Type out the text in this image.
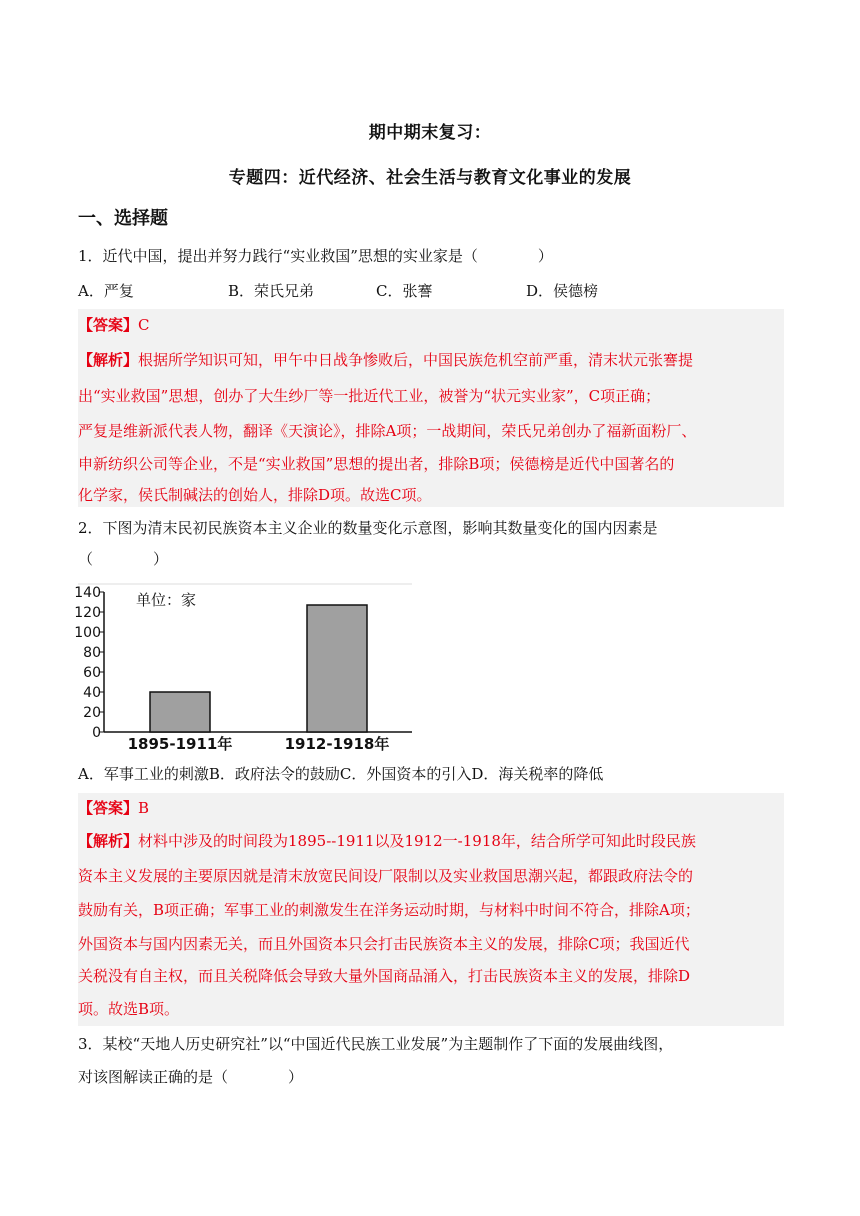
期中期末复习：
专题四：近代经济、社会生活与教育文化事业的发展
一、选择题
1．近代中国，提出并努力践行“实业救国”思想的实业家是（　　　　）
A．严复	B．荣氏兄弟	C．张謇	D．侯德榜
【答案】C
【解析】根据所学知识可知，甲午中日战争惨败后，中国民族危机空前严重，清末状元张謇提
出“实业救国”思想，创办了大生纱厂等一批近代工业，被誉为“状元实业家”，C项正确；
严复是维新派代表人物，翻译《天演论》，排除A项；一战期间，荣氏兄弟创办了福新面粉厂、
申新纺织公司等企业，不是“实业救国”思想的提出者，排除B项；侯德榜是近代中国著名的
化学家，侯氏制碱法的创始人，排除D项。故选C项。
2．下图为清末民初民族资本主义企业的数量变化示意图，影响其数量变化的国内因素是
（　　　　）
0
20
40
60
80
100
120
140
1895-1911年	1912-1918年
单位：家
A．军事工业的刺激B．政府法令的鼓励C．外国资本的引入D．海关税率的降低
【答案】B
【解析】材料中涉及的时间段为1895--1911以及1912一-1918年，结合所学可知此时段民族
资本主义发展的主要原因就是清末放宽民间设厂限制以及实业救国思潮兴起，都跟政府法令的
鼓励有关，B项正确；军事工业的刺激发生在洋务运动时期，与材料中时间不符合，排除A项；
外国资本与国内因素无关，而且外国资本只会打击民族资本主义的发展，排除C项；我国近代
关税没有自主权，而且关税降低会导致大量外国商品涌入，打击民族资本主义的发展，排除D
项。故选B项。
3．某校“天地人历史研究社”以“中国近代民族工业发展”为主题制作了下面的发展曲线图，
对该图解读正确的是（　　　　）
